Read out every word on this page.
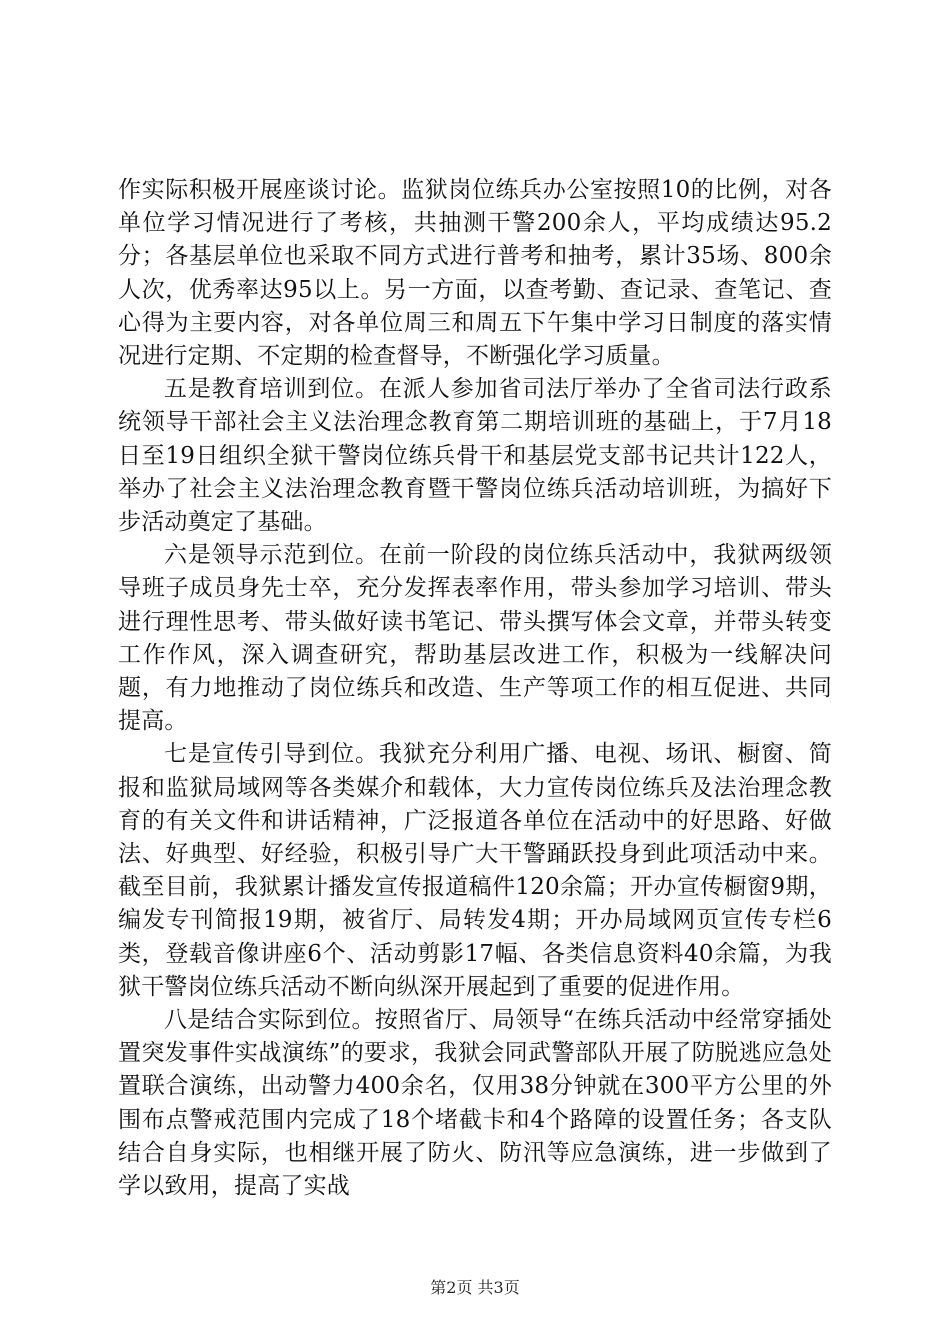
作实际积极开展座谈讨论。监狱岗位练兵办公室按照10的比例，对各单位学习情况进行了考核，共抽测干警200余人，平均成绩达95.2分；各基层单位也采取不同方式进行普考和抽考，累计35场、800余人次，优秀率达95以上。另一方面，以查考勤、查记录、查笔记、查心得为主要内容，对各单位周三和周五下午集中学习日制度的落实情况进行定期、不定期的检查督导，不断强化学习质量。

五是教育培训到位。在派人参加省司法厅举办了全省司法行政系统领导干部社会主义法治理念教育第二期培训班的基础上，于7月18日至19日组织全狱干警岗位练兵骨干和基层党支部书记共计122人，举办了社会主义法治理念教育暨干警岗位练兵活动培训班，为搞好下步活动奠定了基础。

六是领导示范到位。在前一阶段的岗位练兵活动中，我狱两级领导班子成员身先士卒，充分发挥表率作用，带头参加学习培训、带头进行理性思考、带头做好读书笔记、带头撰写体会文章，并带头转变工作作风，深入调查研究，帮助基层改进工作，积极为一线解决问题，有力地推动了岗位练兵和改造、生产等项工作的相互促进、共同提高。

七是宣传引导到位。我狱充分利用广播、电视、场讯、橱窗、简报和监狱局域网等各类媒介和载体，大力宣传岗位练兵及法治理念教育的有关文件和讲话精神，广泛报道各单位在活动中的好思路、好做法、好典型、好经验，积极引导广大干警踊跃投身到此项活动中来。截至目前，我狱累计播发宣传报道稿件120余篇；开办宣传橱窗9期，编发专刊简报19期，被省厅、局转发4期；开办局域网页宣传专栏6类，登载音像讲座6个、活动剪影17幅、各类信息资料40余篇，为我狱干警岗位练兵活动不断向纵深开展起到了重要的促进作用。

八是结合实际到位。按照省厅、局领导“在练兵活动中经常穿插处置突发事件实战演练”的要求，我狱会同武警部队开展了防脱逃应急处置联合演练，出动警力400余名，仅用38分钟就在300平方公里的外围布点警戒范围内完成了18个堵截卡和4个路障的设置任务；各支队结合自身实际，也相继开展了防火、防汛等应急演练，进一步做到了学以致用，提高了实战

第2页 共3页
